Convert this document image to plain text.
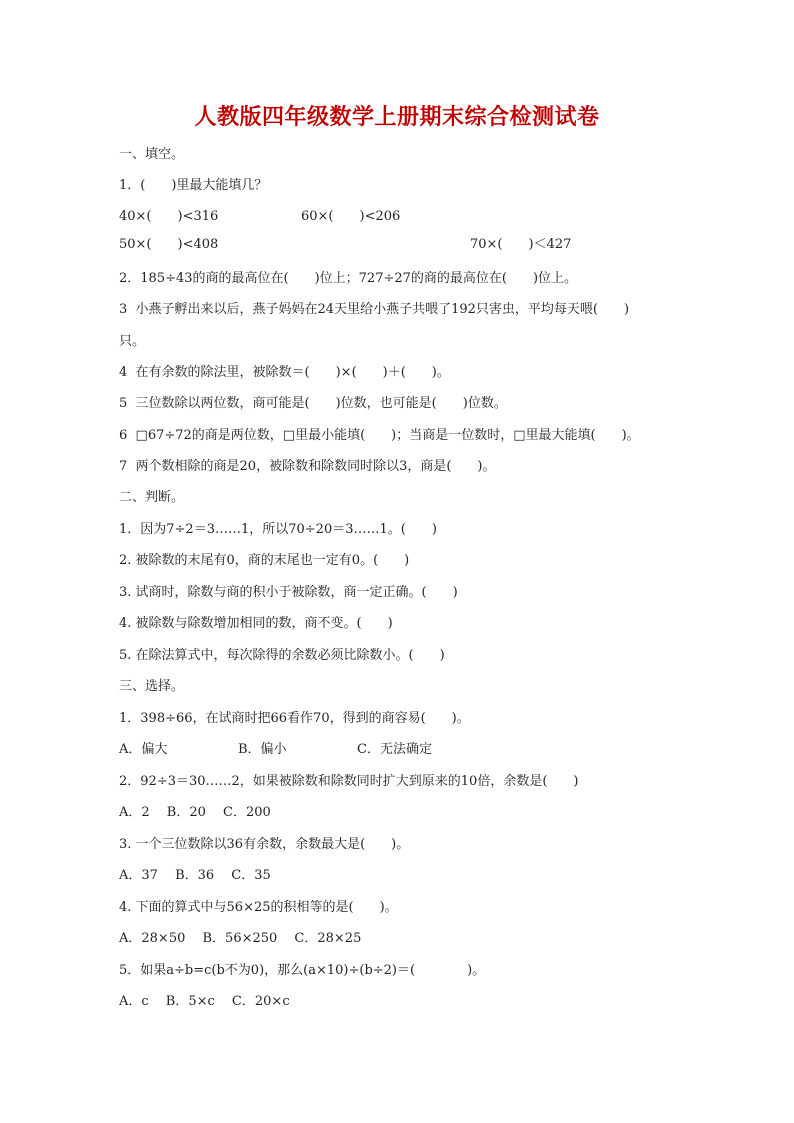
人教版四年级数学上册期末综合检测试卷
一、填空。
1．(　　)里最大能填几？
40×(　　)<316	60×(　　)<206
50×(　　)<408	70×(　　)＜427
2．185÷43的商的最高位在(　　)位上；727÷27的商的最高位在(　　)位上。
3  小燕子孵出来以后，燕子妈妈在24天里给小燕子共喂了192只害虫，平均每天喂(　　)
只。
4  在有余数的除法里，被除数＝(　　)×(　　)＋(　　)。
5  三位数除以两位数，商可能是(　　)位数，也可能是(　　)位数。
6  □67÷72的商是两位数，□里最小能填(　　)；当商是一位数时，□里最大能填(　　)。
7  两个数相除的商是20，被除数和除数同时除以3，商是(　　)。
二、判断。
1．因为7÷2＝3……1，所以70÷20＝3……1。(　　)
2. 被除数的末尾有0，商的末尾也一定有0。(　　)
3. 试商时，除数与商的积小于被除数，商一定正确。(　　)
4. 被除数与除数增加相同的数，商不变。(　　)
5. 在除法算式中，每次除得的余数必须比除数小。(　　)
三、选择。
1．398÷66，在试商时把66看作70，得到的商容易(　　)。
A．偏大	B．偏小	C．无法确定
2．92÷3＝30……2，如果被除数和除数同时扩大到原来的10倍，余数是(　　)
A．2　 B．20　 C．200
3. 一个三位数除以36有余数，余数最大是(　　)。
A．37　 B．36　 C．35
4. 下面的算式中与56×25的积相等的是(　　)。
A．28×50　 B．56×250　 C．28×25
5．如果a÷b=c(b不为0)，那么(a×10)÷(b÷2)＝(　　　　)。
A．c　 B．5×c　 C．20×c
